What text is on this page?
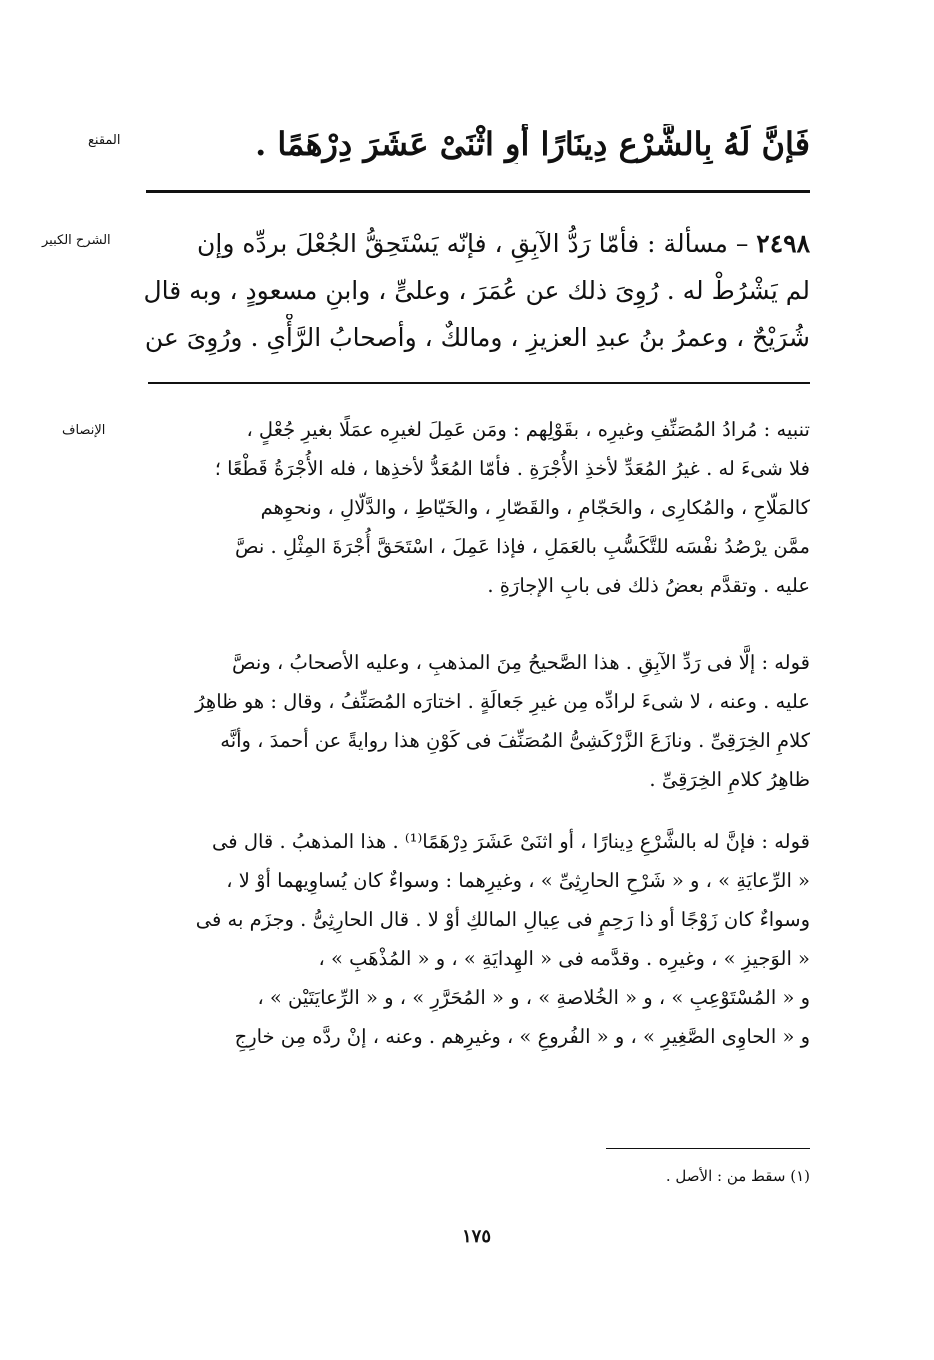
المقنع
الشرح الكبير
الإنصاف
فَإِنَّ لَهُ بِالشَّرْعِ دِينَارًا أَوِ اثْنَىْ عَشَرَ دِرْهَمًا .
٢٤٩٨ – مسألة : فأمّا رَدُّ الآبِقِ ، فإنّه يَسْتَحِقُّ الجُعْلَ بردِّه وإن
لم يَشْرُطْ له . رُوِىَ ذلك عن عُمَرَ ، وعلىٍّ ، وابنِ مسعودٍ ، وبه قال
شُرَيْحٌ ، وعمرُ بنُ عبدِ العزيزِ ، ومالكٌ ، وأصحابُ الرَّأْىِ . ورُوِىَ عن
تنبيه : مُرادُ المُصَنِّفِ وغيرِه ، بقَوْلِهم : ومَن عَمِلَ لغيرِه عمَلًا بغيرِ جُعْلٍ ،
فلا شىءَ له . غيرُ المُعَدِّ لأخذِ الأُجْرَةِ . فأمّا المُعَدُّ لأخذِها ، فله الأُجْرَةُ قَطْعًا ؛
كالمَلّاحِ ، والمُكارِى ، والحَجّامِ ، والقَصّارِ ، والخَيّاطِ ، والدَّلّالِ ، ونحوِهم
ممَّن يرْصُدُ نفْسَه للتَّكَسُّبِ بالعَمَلِ ، فإذا عَمِلَ ، اسْتَحَقَّ أُجْرَةَ المِثْلِ . نصَّ
عليه . وتقدَّم بعضُ ذلك فى بابِ الإجارَةِ .
قوله : إلَّا فى رَدِّ الآبِقِ . هذا الصَّحيحُ مِنَ المذهبِ ، وعليه الأصحابُ ، ونصَّ
عليه . وعنه ، لا شىءَ لرادِّه مِن غيرِ جَعالَةٍ . اختارَه المُصَنِّفُ ، وقال : هو ظاهِرُ
كلامِ الخِرَقِىِّ . ونازَعَ الزَّرْكَشِىُّ المُصَنِّفَ فى كَوْنِ هذا روايةً عن أحمدَ ، وأنَّه
ظاهِرُ كلامِ الخِرَقِىِّ .
قوله : فإنَّ له بالشَّرْعِ دِينارًا ، أو اثنَىْ عَشَرَ دِرْهَمًا⁽¹⁾ . هذا المذهبُ . قال فى
« الرِّعايَةِ » ، و « شَرْحِ الحارِثِىِّ » ، وغيرِهما : وسواءٌ كان يُساوِيهما أوْ لا ،
وسواءٌ كان زَوْجًا أو ذا رَحِمٍ فى عِيالِ المالكِ أوْ لا . قال الحارِثِىُّ . وجزَم به فى
« الوَجيزِ » ، وغيرِه . وقدَّمه فى « الهِدايَةِ » ، و « المُذْهَبِ » ،
و « المُسْتَوْعِبِ » ، و « الخُلاصةِ » ، و « المُحَرَّرِ » ، و « الرِّعايَتَيْن » ،
و « الحاوِى الصَّغِيرِ » ، و « الفُروعِ » ، وغيرِهم . وعنه ، إنْ ردَّه مِن خارِجِ
(١) سقط من : الأصل .
١٧٥
